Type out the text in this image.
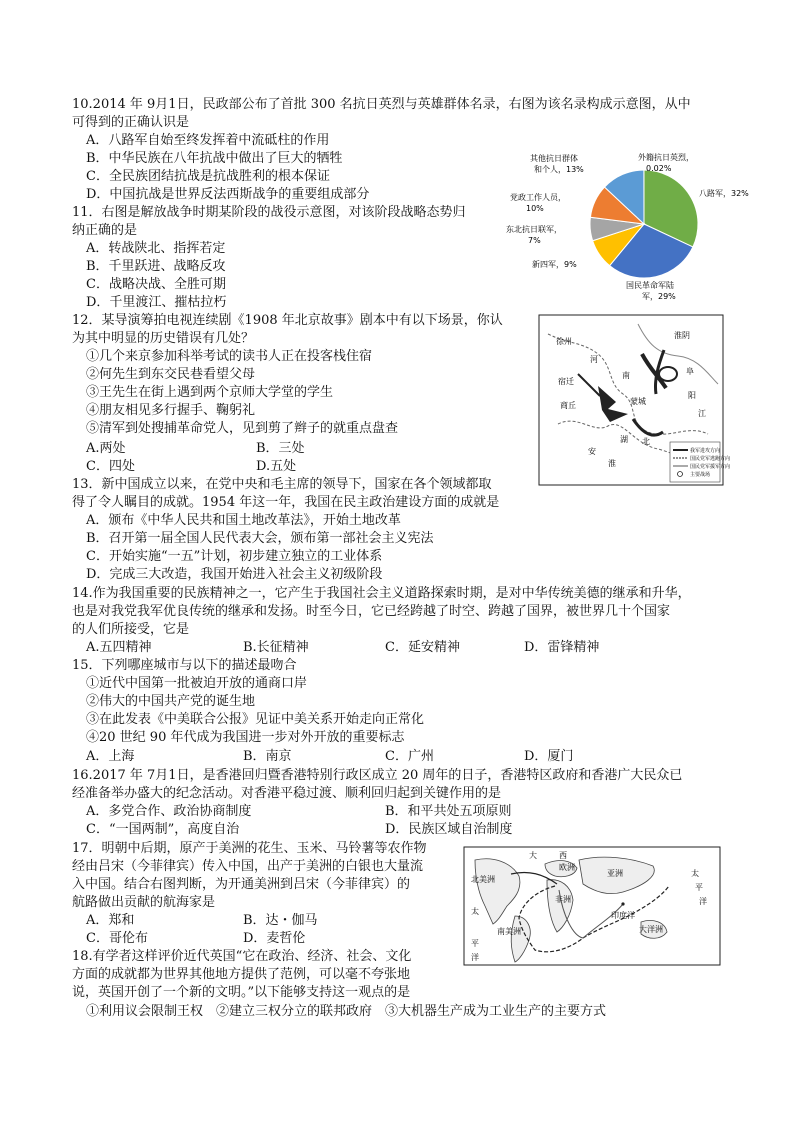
10.2014 年 9月1日，民政部公布了首批 300 名抗日英烈与英雄群体名录，右图为该名录构成示意图，从中
可得到的正确认识是
A．八路军自始至终发挥着中流砥柱的作用
B．中华民族在八年抗战中做出了巨大的牺牲
C．全民族团结抗战是抗战胜利的根本保证
D．中国抗战是世界反法西斯战争的重要组成部分
其他抗日群体
和个人，13%
外籍抗日英烈，
0.02%
八路军，32%
党政工作人员，
10%
东北抗日联军，
7%
新四军，9%
国民革命军陆
军，29%
11．右图是解放战争时期某阶段的战役示意图，对该阶段战略态势归
纳正确的是
A．转战陕北、指挥若定
B．千里跃进、战略反攻
C．战略决战、全胜可期
D．千里渡江、摧枯拉朽
徐州
南
淮阴
河
阜
宿迁
商丘
阳
蒙城
江
湖
安
北
淮
我军进攻方向
国民党军逃跑方向
国民党军援军方向
主要战场
12．某导演筹拍电视连续剧《1908 年北京故事》剧本中有以下场景，你认
为其中明显的历史错误有几处？
①几个来京参加科举考试的读书人正在投客栈住宿
②何先生到东交民巷看望父母
③王先生在街上遇到两个京师大学堂的学生
④朋友相见多行握手、鞠躬礼
⑤清军到处搜捕革命党人，见到剪了辫子的就重点盘查
A.两处	B．三处
C．四处	D.五处
13．新中国成立以来，在党中央和毛主席的领导下，国家在各个领域都取
得了令人瞩目的成就。1954 年这一年，我国在民主政治建设方面的成就是
A．颁布《中华人民共和国土地改革法》，开始土地改革
B．召开第一届全国人民代表大会，颁布第一部社会主义宪法
C．开始实施“一五”计划，初步建立独立的工业体系
D．完成三大改造，我国开始进入社会主义初级阶段
14.作为我国重要的民族精神之一，它产生于我国社会主义道路探索时期，是对中华传统美德的继承和升华，
也是对我党我军优良传统的继承和发扬。时至今日，它已经跨越了时空、跨越了国界，被世界几十个国家
的人们所接受，它是
A.五四精神	B.长征精神	C．延安精神	D．雷锋精神
15．下列哪座城市与以下的描述最吻合
①近代中国第一批被迫开放的通商口岸
②伟大的中国共产党的诞生地
③在此发表《中美联合公报》见证中美关系开始走向正常化
④20 世纪 90 年代成为我国进一步对外开放的重要标志
A．上海	B．南京	C．广州	D．厦门
16.2017 年 7月1日，是香港回归暨香港特别行政区成立 20 周年的日子，香港特区政府和香港广大民众已
经准备举办盛大的纪念活动。对香港平稳过渡、顺利回归起到关键作用的是
A．多党合作、政治协商制度	B．和平共处五项原则
C．“一国两制”，高度自治	D．民族区域自治制度
17．明朝中后期，原产于美洲的花生、玉米、马铃薯等农作物
经由吕宋（今菲律宾）传入中国，出产于美洲的白银也大量流
入中国。结合右图判断，为开通美洲到吕宋（今菲律宾）的
航路做出贡献的航海家是
A．郑和	B．达・伽马
C．哥伦布	D．麦哲伦
大
北美洲
西
欧洲
亚洲	太
平
太
非洲
印度洋
南美洲	大洋洲
洋
平
洋
18.有学者这样评价近代英国“它在政治、经济、社会、文化
方面的成就都为世界其他地方提供了范例，可以毫不夸张地
说，英国开创了一个新的文明。”以下能够支持这一观点的是
①利用议会限制王权　②建立三权分立的联邦政府　③大机器生产成为工业生产的主要方式
